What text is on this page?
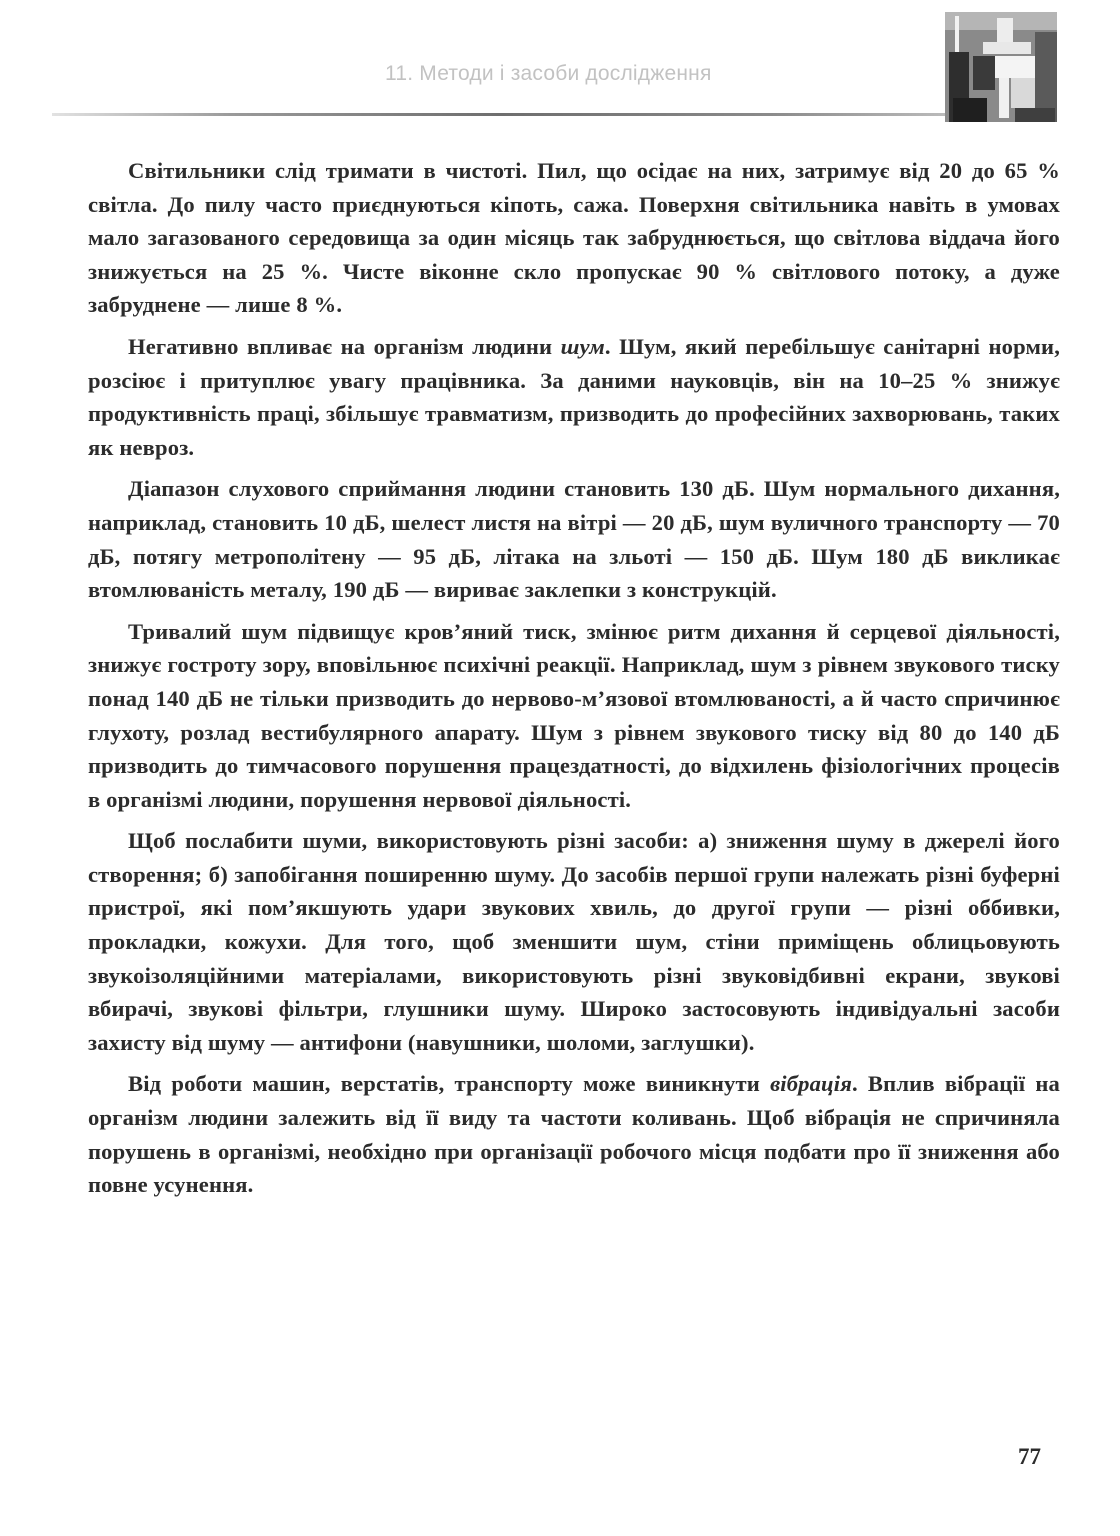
11. Методи і засоби дослідження

Світильники слід тримати в чистоті. Пил, що осідає на них, затримує від 20 до 65 % світла. До пилу часто приєднуються кіпоть, сажа. Поверхня світильника навіть в умовах мало загазованого середовища за один місяць так забруднюється, що світлова віддача його знижується на 25 %. Чисте віконне скло пропускає 90 % світлового потоку, а дуже забруднене — лише 8 %.

Негативно впливає на організм людини шум. Шум, який перебільшує санітарні норми, розсіює і притуплює увагу працівника. За даними науковців, він на 10–25 % знижує продуктивність праці, збільшує травматизм, призводить до професійних захворювань, таких як невроз.

Діапазон слухового сприймання людини становить 130 дБ. Шум нормального дихання, наприклад, становить 10 дБ, шелест листя на вітрі — 20 дБ, шум вуличного транспорту — 70 дБ, потягу метрополітену — 95 дБ, літака на зльоті — 150 дБ. Шум 180 дБ викликає втомлюваність металу, 190 дБ — вириває заклепки з конструкцій.

Тривалий шум підвищує кров’яний тиск, змінює ритм дихання й серцевої діяльності, знижує гостроту зору, вповільнює психічні реакції. Наприклад, шум з рівнем звукового тиску понад 140 дБ не тільки призводить до нервово-м’язової втомлюваності, а й часто спричинює глухоту, розлад вестибулярного апарату. Шум з рівнем звукового тиску від 80 до 140 дБ призводить до тимчасового порушення працездатності, до відхилень фізіологічних процесів в організмі людини, порушення нервової діяльності.

Щоб послабити шуми, використовують різні засоби: а) зниження шуму в джерелі його створення; б) запобігання поширенню шуму. До засобів першої групи належать різні буферні пристрої, які пом’якшують удари звукових хвиль, до другої групи — різні оббивки, прокладки, кожухи. Для того, щоб зменшити шум, стіни приміщень облицьовують звукоізоляційними матеріалами, використовують різні звуковідбивні екрани, звукові вбирачі, звукові фільтри, глушники шуму. Широко застосовують індивідуальні засоби захисту від шуму — антифони (навушники, шоломи, заглушки).

Від роботи машин, верстатів, транспорту може виникнути вібрація. Вплив вібрації на організм людини залежить від її виду та частоти коливань. Щоб вібрація не спричиняла порушень в організмі, необхідно при організації робочого місця подбати про її зниження або повне усунення.

77
